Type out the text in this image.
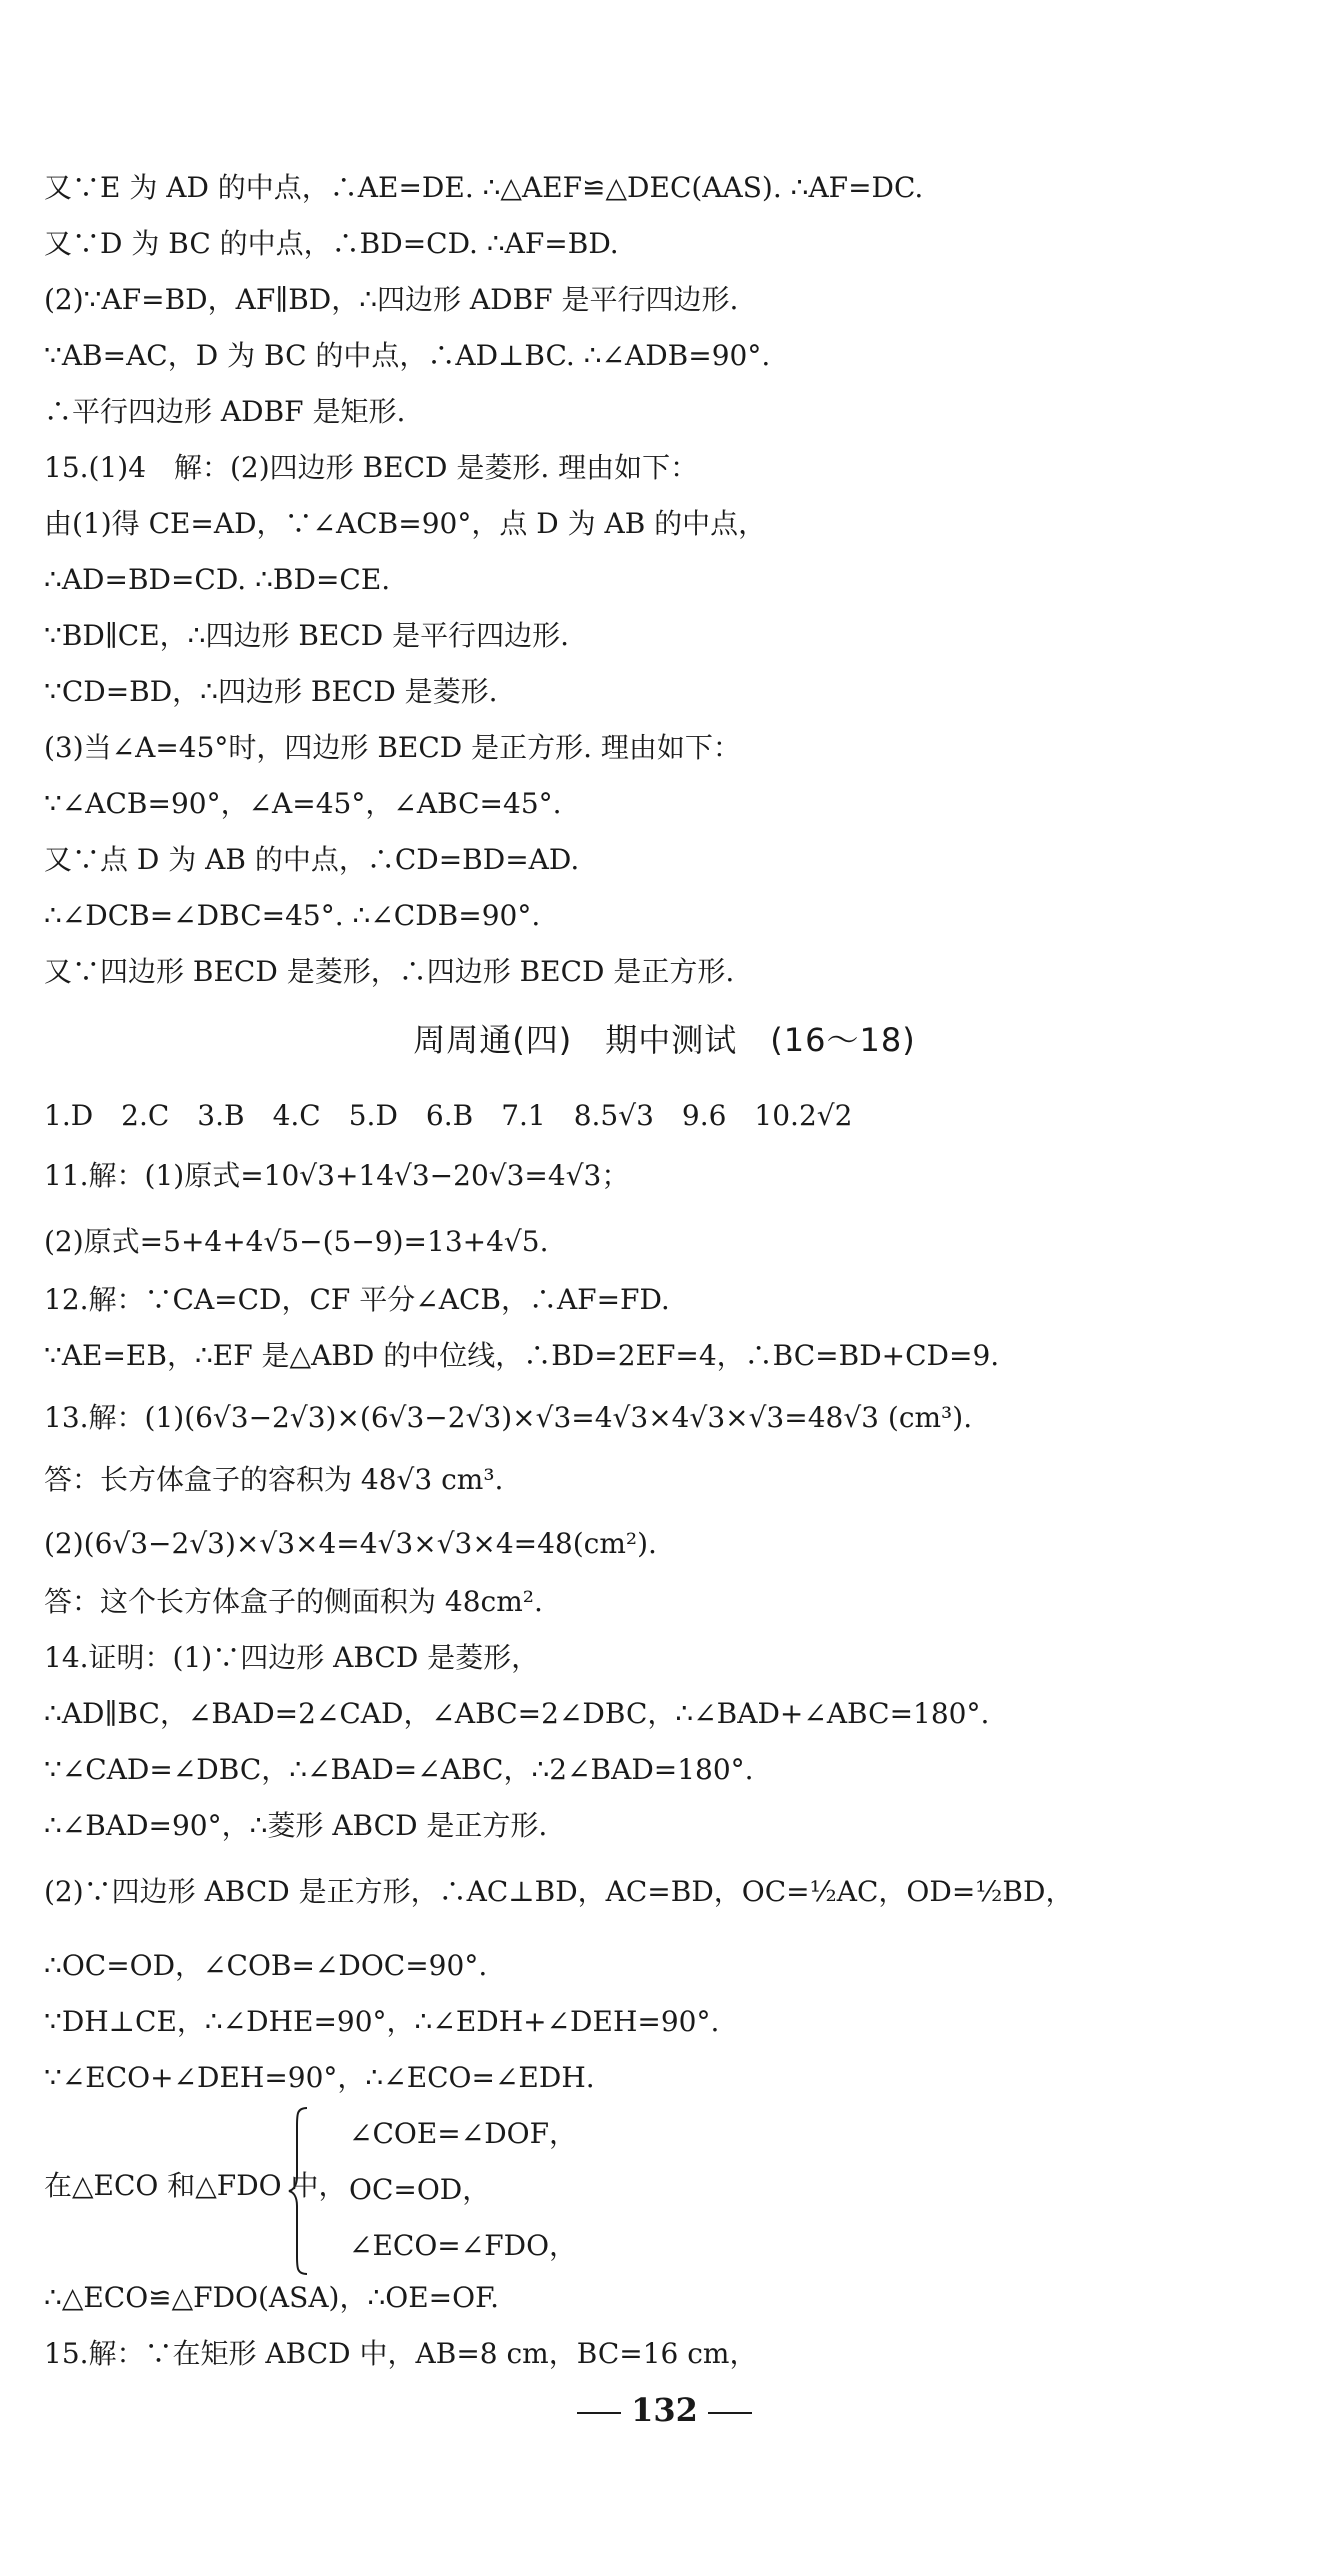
又∵E 为 AD 的中点，∴AE=DE. ∴△AEF≌△DEC(AAS). ∴AF=DC.
又∵D 为 BC 的中点，∴BD=CD. ∴AF=BD.
(2)∵AF=BD，AF∥BD，∴四边形 ADBF 是平行四边形.
∵AB=AC，D 为 BC 的中点，∴AD⊥BC. ∴∠ADB=90°.
∴平行四边形 ADBF 是矩形.
15.(1)4　解：(2)四边形 BECD 是菱形. 理由如下：
由(1)得 CE=AD，∵∠ACB=90°，点 D 为 AB 的中点，
∴AD=BD=CD. ∴BD=CE.
∵BD∥CE，∴四边形 BECD 是平行四边形.
∵CD=BD，∴四边形 BECD 是菱形.
(3)当∠A=45°时，四边形 BECD 是正方形. 理由如下：
∵∠ACB=90°，∠A=45°，∠ABC=45°.
又∵点 D 为 AB 的中点，∴CD=BD=AD.
∴∠DCB=∠DBC=45°. ∴∠CDB=90°.
又∵四边形 BECD 是菱形，∴四边形 BECD 是正方形.
周周通(四)　期中测试　(16～18)
1.D　2.C　3.B　4.C　5.D　6.B　7.1　8.5√3　9.6　10.2√2
11.解：(1)原式=10√3+14√3−20√3=4√3；
(2)原式=5+4+4√5−(5−9)=13+4√5.
12.解：∵CA=CD，CF 平分∠ACB，∴AF=FD.
∵AE=EB，∴EF 是△ABD 的中位线，∴BD=2EF=4，∴BC=BD+CD=9.
13.解：(1)(6√3−2√3)×(6√3−2√3)×√3=4√3×4√3×√3=48√3 (cm³).
答：长方体盒子的容积为 48√3 cm³.
(2)(6√3−2√3)×√3×4=4√3×√3×4=48(cm²).
答：这个长方体盒子的侧面积为 48cm².
14.证明：(1)∵四边形 ABCD 是菱形，
∴AD∥BC，∠BAD=2∠CAD，∠ABC=2∠DBC，∴∠BAD+∠ABC=180°.
∵∠CAD=∠DBC，∴∠BAD=∠ABC，∴2∠BAD=180°.
∴∠BAD=90°，∴菱形 ABCD 是正方形.
(2)∵四边形 ABCD 是正方形，∴AC⊥BD，AC=BD，OC=½AC，OD=½BD，
∴OC=OD，∠COB=∠DOC=90°.
∵DH⊥CE，∴∠DHE=90°，∴∠EDH+∠DEH=90°.
∵∠ECO+∠DEH=90°，∴∠ECO=∠EDH.
在△ECO 和△FDO 中，
∠COE=∠DOF，
OC=OD，
∠ECO=∠FDO，
∴△ECO≌△FDO(ASA)，∴OE=OF.
15.解：∵在矩形 ABCD 中，AB=8 cm，BC=16 cm，
132
